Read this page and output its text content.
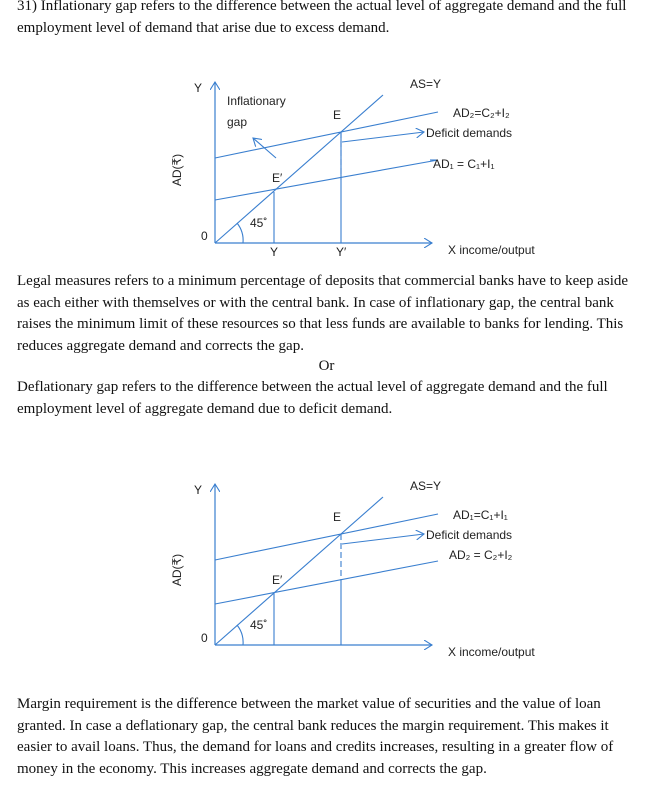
31) Inflationary gap refers to the difference between the actual level of aggregate demand and the full employment level of demand that arise due to excess demand.

Y
AD(₹)
0
45˚
AS=Y
E
E′
Inflationary
gap
AD₂=C₂+I₂
Deficit demands
AD₁ = C₁+I₁
Y	Y′	X income/output

Legal measures refers to a minimum percentage of deposits that commercial banks have to keep aside as each either with themselves or with the central bank. In case of inflationary gap, the central bank raises the minimum limit of these resources so that less funds are available to banks for lending. This reduces aggregate demand and corrects the gap.

Or

Deflationary gap refers to the difference between the actual level of aggregate demand and the full employment level of aggregate demand due to deficit demand.

Y
AD(₹)
0
45˚
AS=Y
E
E′
AD₁=C₁+I₁
Deficit demands
AD₂ = C₂+I₂
X income/output

Margin requirement is the difference between the market value of securities and the value of loan granted. In case a deflationary gap, the central bank reduces the margin requirement. This makes it easier to avail loans. Thus, the demand for loans and credits increases, resulting in a greater flow of money in the economy. This increases aggregate demand and corrects the gap.
